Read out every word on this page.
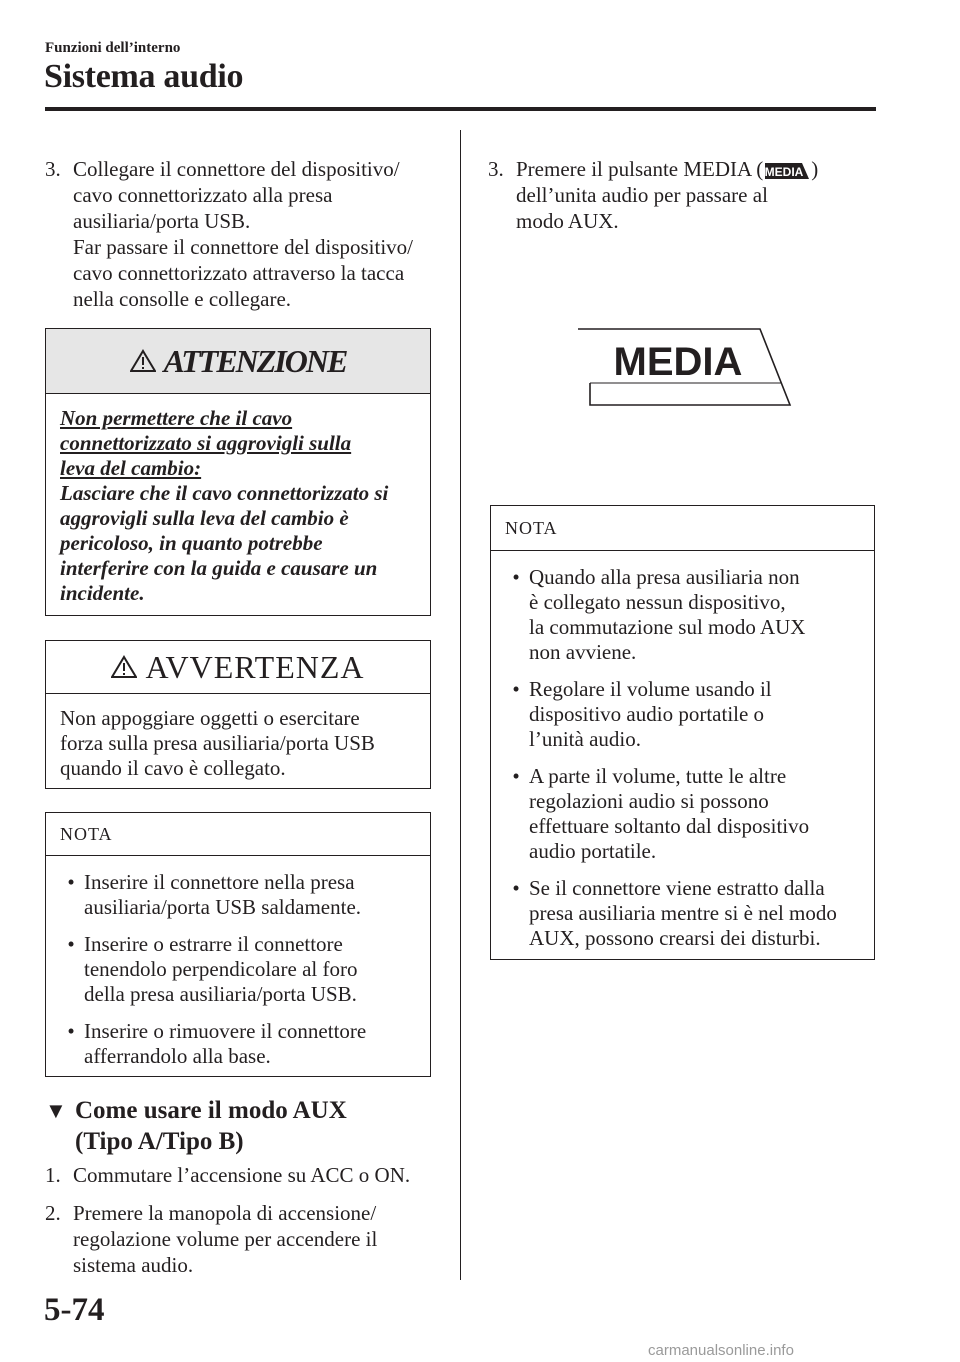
Funzioni dell’interno
Sistema audio
3. Collegare il connettore del dispositivo/
cavo connettorizzato alla presa
ausiliaria/porta USB.
Far passare il connettore del dispositivo/
cavo connettorizzato attraverso la tacca
nella consolle e collegare.
ATTENZIONE
Non permettere che il cavo
connettorizzato si aggrovigli sulla
leva del cambio:
Lasciare che il cavo connettorizzato si aggrovigli sulla leva del cambio è pericoloso, in quanto potrebbe interferire con la guida e causare un incidente.
AVVERTENZA
Non appoggiare oggetti o esercitare
forza sulla presa ausiliaria/porta USB
quando il cavo è collegato.
NOTA
• Inserire il connettore nella presa
ausiliaria/porta USB saldamente.
• Inserire o estrarre il connettore
tenendolo perpendicolare al foro
della presa ausiliaria/porta USB.
• Inserire o rimuovere il connettore
afferrandolo alla base.
▼ Come usare il modo AUX
(Tipo A/Tipo B)
1. Commutare l’accensione su ACC o ON.
2. Premere la manopola di accensione/
regolazione volume per accendere il
sistema audio.
3. Premere il pulsante MEDIA ( MEDIA )
dell’unita audio per passare al
modo AUX.
MEDIA
NOTA
• Quando alla presa ausiliaria non
è collegato nessun dispositivo,
la commutazione sul modo AUX
non avviene.
• Regolare il volume usando il
dispositivo audio portatile o
l’unità audio.
• A parte il volume, tutte le altre
regolazioni audio si possono
effettuare soltanto dal dispositivo
audio portatile.
• Se il connettore viene estratto dalla
presa ausiliaria mentre si è nel modo
AUX, possono crearsi dei disturbi.
5-74
carmanualsonline.info
